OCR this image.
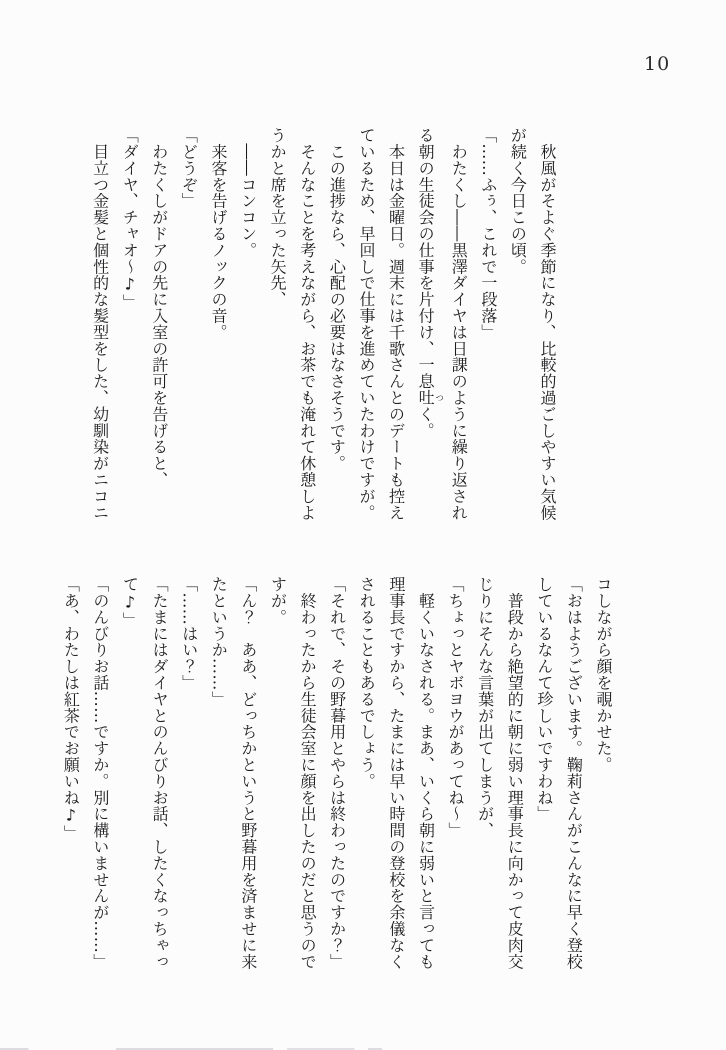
10

　秋風がそよぐ季節になり、比較的過ごしやすい気候

が続く今日この頃。

「……ふぅ、これで一段落」

　わたくし――黒澤ダイヤは日課のように繰り返され

る朝の生徒会の仕事を片付け、一息吐つく。

　本日は金曜日。週末には千歌さんとのデートも控え

ているため、早回しで仕事を進めていたわけですが。

　この進捗なら、心配の必要はなさそうです。

　そんなことを考えながら、お茶でも淹れて休憩しよ

うかと席を立った矢先、

　――コンコン。

　来客を告げるノックの音。

「どうぞ」

　わたくしがドアの先に入室の許可を告げると、

「ダイヤ、チャオ～♪」

　目立つ金髪と個性的な髪型をした、幼馴染がニコニ

コしながら顔を覗かせた。

「おはようございます。鞠莉さんがこんなに早く登校

しているなんて珍しいですわね」

　普段から絶望的に朝に弱い理事長に向かって皮肉交

じりにそんな言葉が出てしまうが、

「ちょっとヤボヨウがあってね～」

　軽くいなされる。まあ、いくら朝に弱いと言っても

理事長ですから、たまには早い時間の登校を余儀なく

されることもあるでしょう。

「それで、その野暮用とやらは終わったのですか？」

　終わったから生徒会室に顔を出したのだと思うので

すが。

「ん？　ああ、どっちかというと野暮用を済ませに来

たというか……」

「……はい？」

「たまにはダイヤとのんびりお話、したくなっちゃっ

て♪」

「のんびりお話……ですか。別に構いませんが……」

「あ、わたしは紅茶でお願いね♪」
